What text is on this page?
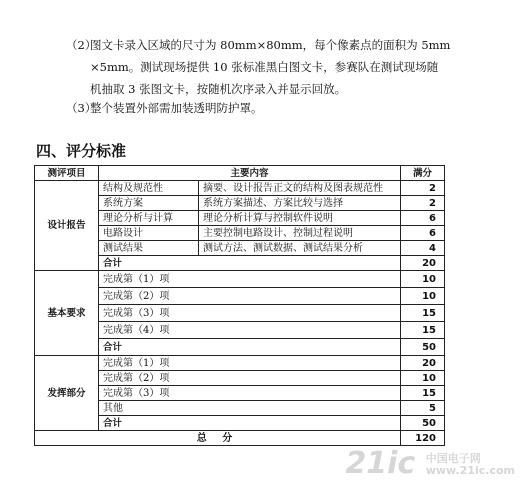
（2）图文卡录入区域的尺寸为 80mm×80mm，每个像素点的面积为 5mm
×5mm。测试现场提供 10 张标准黑白图文卡，参赛队在测试现场随
机抽取 3 张图文卡，按随机次序录入并显示回放。
（3）整个装置外部需加装透明防护罩。
四、评分标准
测评项目	主要内容		满分
设计报告	结构及规范性	摘要、设计报告正文的结构及图表规范性	2
	系统方案	系统方案描述、方案比较与选择	2
	理论分析与计算	理论分析计算与控制软件说明	6
	电路设计	主要控制电路设计、控制过程说明	6
	测试结果	测试方法、测试数据、测试结果分析	4
	合计		20
基本要求	完成第（1）项		10
	完成第（2）项		10
	完成第（3）项		15
	完成第（4）项		15
	合计		50
发挥部分	完成第（1）项		20
	完成第（2）项		10
	完成第（3）项		15
	其他		5
	合计		50
总 分			120
21ic 中国电子网
www.21ic.com
